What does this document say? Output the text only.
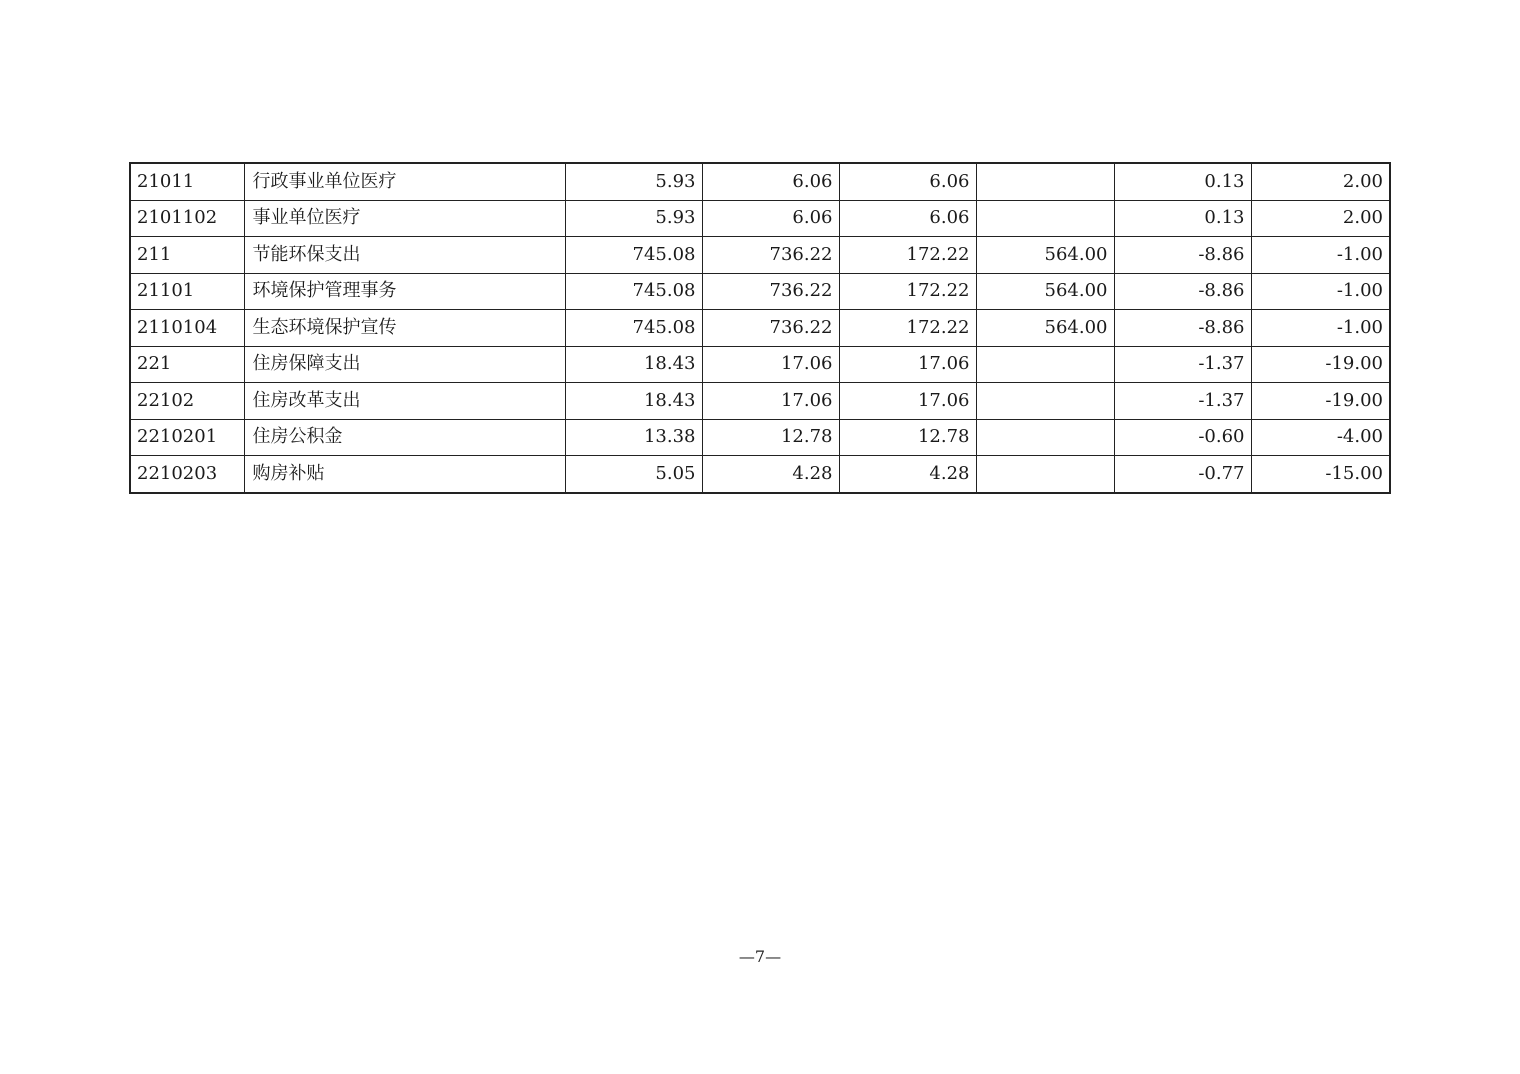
21011	行政事业单位医疗	5.93	6.06	6.06		0.13	2.00
2101102	事业单位医疗	5.93	6.06	6.06		0.13	2.00
211	节能环保支出	745.08	736.22	172.22	564.00	-8.86	-1.00
21101	环境保护管理事务	745.08	736.22	172.22	564.00	-8.86	-1.00
2110104	生态环境保护宣传	745.08	736.22	172.22	564.00	-8.86	-1.00
221	住房保障支出	18.43	17.06	17.06		-1.37	-19.00
22102	住房改革支出	18.43	17.06	17.06		-1.37	-19.00
2210201	住房公积金	13.38	12.78	12.78		-0.60	-4.00
2210203	购房补贴	5.05	4.28	4.28		-0.77	-15.00
—7—
